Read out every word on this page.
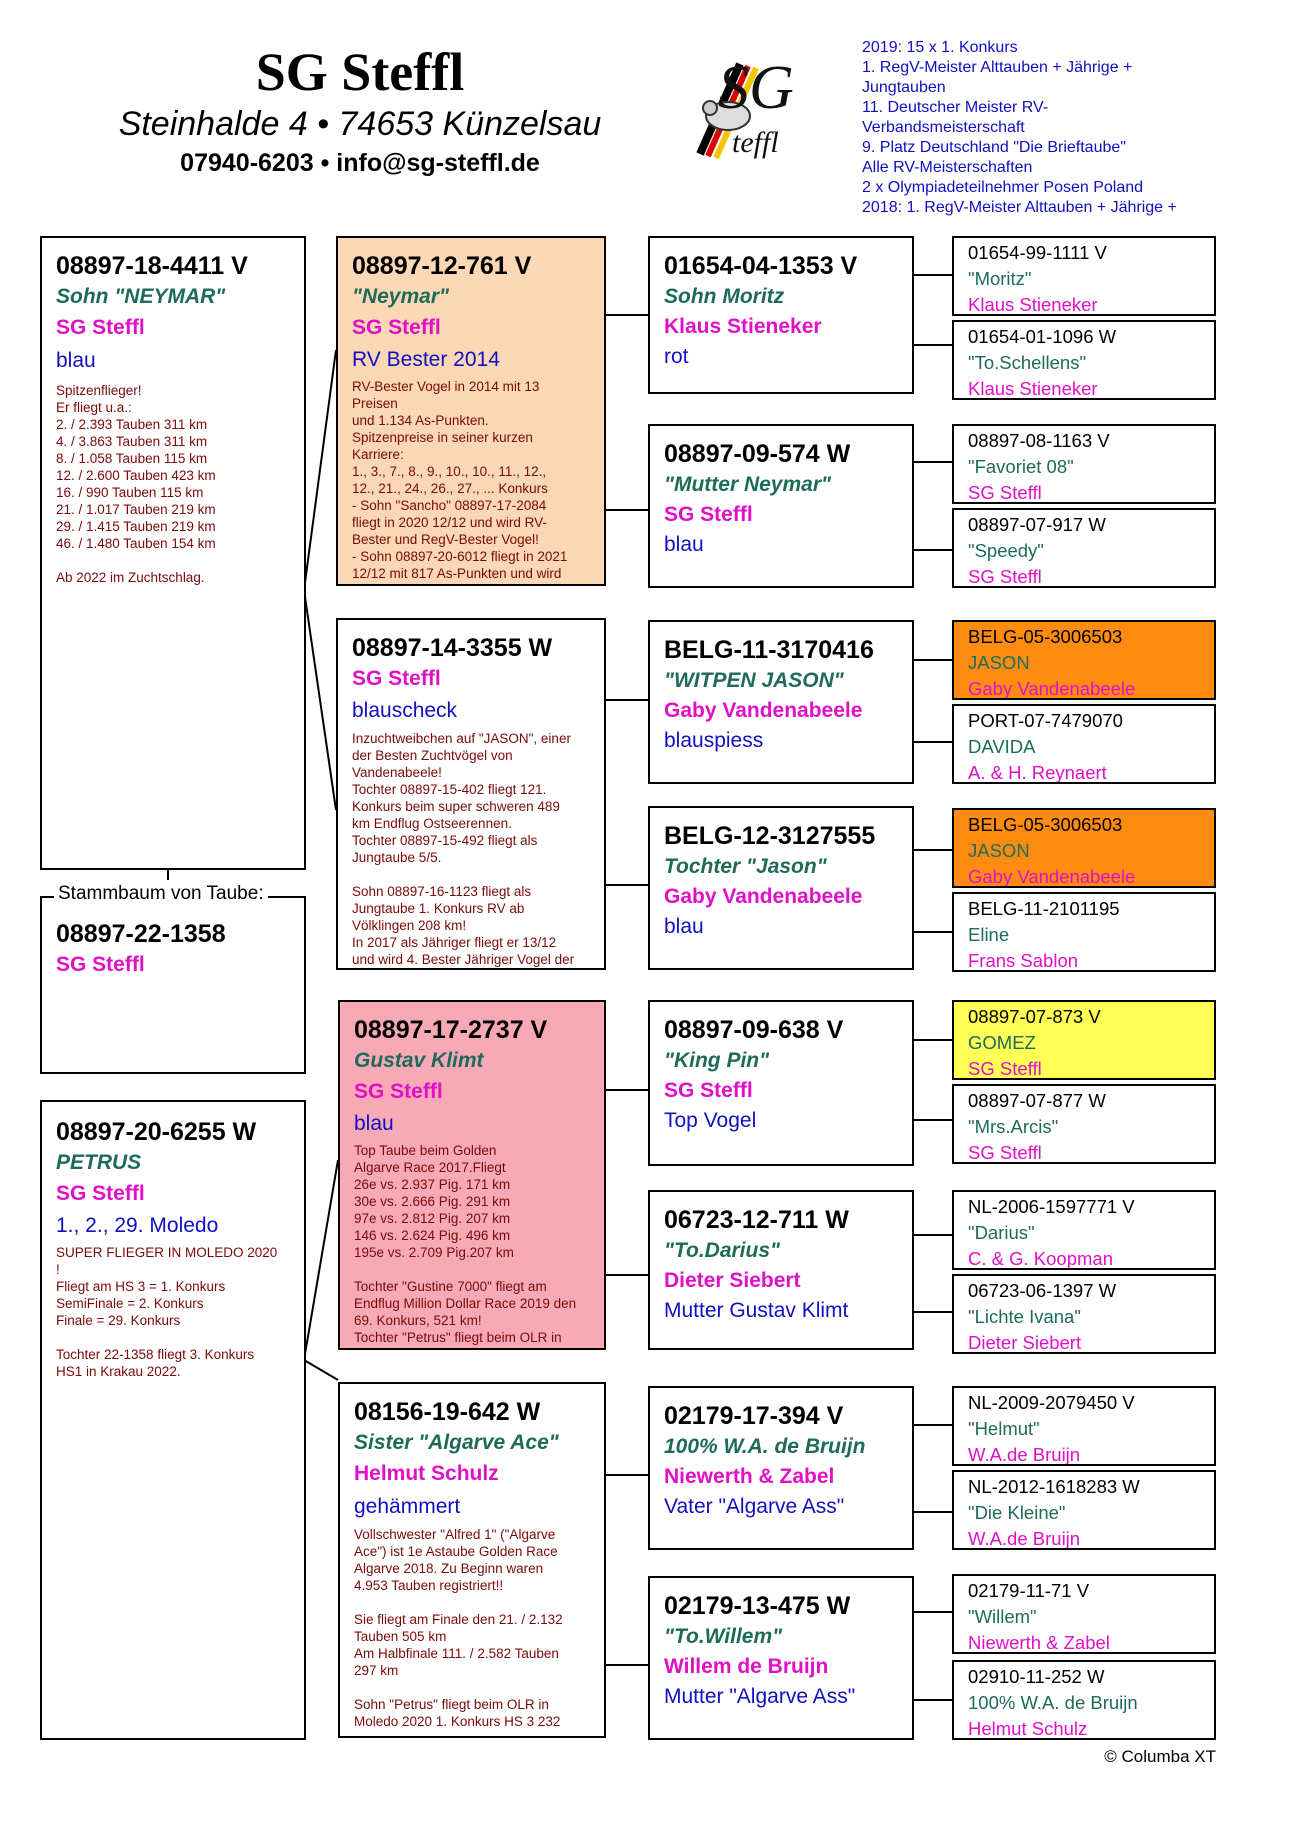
SG Steffl
Steinhalde 4 • 74653 Künzelsau
07940-6203 • info@sg-steffl.de
SG
teffl
2019: 15 x 1. Konkurs
1. RegV-Meister Alttauben + Jährige +
Jungtauben
11. Deutscher Meister RV-
Verbandsmeisterschaft
9. Platz Deutschland "Die Brieftaube"
Alle RV-Meisterschaften
2 x Olympiadeteilnehmer Posen Poland
2018: 1. RegV-Meister Alttauben + Jährige +
08897-18-4411 V
Sohn "NEYMAR"
SG Steffl
blau
Spitzenflieger!
Er fliegt u.a.:
2. / 2.393 Tauben 311 km
4. / 3.863 Tauben 311 km
8. / 1.058 Tauben 115 km
12. / 2.600 Tauben 423 km
16. / 990 Tauben 115 km
21. / 1.017 Tauben 219 km
29. / 1.415 Tauben 219 km
46. / 1.480 Tauben 154 km

Ab 2022 im Zuchtschlag.
08897-22-1358
SG Steffl
Stammbaum von Taube:
08897-20-6255 W
PETRUS
SG Steffl
1., 2., 29. Moledo
SUPER FLIEGER IN MOLEDO 2020
!
Fliegt am HS 3 = 1. Konkurs
SemiFinale = 2. Konkurs
Finale = 29. Konkurs

Tochter 22-1358 fliegt 3. Konkurs
HS1 in Krakau 2022.
08897-12-761 V
"Neymar"
SG Steffl
RV Bester 2014
RV-Bester Vogel in 2014 mit 13
Preisen
und 1.134 As-Punkten.
Spitzenpreise in seiner kurzen
Karriere:
1., 3., 7., 8., 9., 10., 10., 11., 12.,
12., 21., 24., 26., 27., ... Konkurs
- Sohn "Sancho" 08897-17-2084
fliegt in 2020 12/12 und wird RV-
Bester und RegV-Bester Vogel!
- Sohn 08897-20-6012 fliegt in 2021
12/12 mit 817 As-Punkten und wird
08897-14-3355 W
SG Steffl
blauscheck
Inzuchtweibchen auf "JASON", einer
der Besten Zuchtvögel von
Vandenabeele!
Tochter 08897-15-402 fliegt 121.
Konkurs beim super schweren 489
km Endflug Ostseerennen.
Tochter 08897-15-492 fliegt als
Jungtaube 5/5.

Sohn 08897-16-1123 fliegt als
Jungtaube 1. Konkurs RV ab
Völklingen 208 km!
In 2017 als Jähriger fliegt er 13/12
und wird 4. Bester Jähriger Vogel der
08897-17-2737 V
Gustav Klimt
SG Steffl
blau
Top Taube beim Golden
Algarve Race 2017.Fliegt
26e vs. 2.937 Pig. 171 km
30e vs. 2.666 Pig. 291 km
97e vs. 2.812 Pig. 207 km
146 vs. 2.624 Pig. 496 km
195e vs. 2.709 Pig.207 km

Tochter "Gustine 7000" fliegt am
Endflug Million Dollar Race 2019 den
69. Konkurs, 521 km!
Tochter "Petrus" fliegt beim OLR in
08156-19-642 W
Sister "Algarve Ace"
Helmut Schulz
gehämmert
Vollschwester "Alfred 1" ("Algarve
Ace") ist 1e Astaube Golden Race
Algarve 2018. Zu Beginn waren
4.953 Tauben registriert!!

Sie fliegt am Finale den 21. / 2.132
Tauben 505 km
Am Halbfinale 111. / 2.582 Tauben
297 km

Sohn "Petrus" fliegt beim OLR in
Moledo 2020 1. Konkurs HS 3 232
01654-04-1353 V
Sohn Moritz
Klaus Stieneker
rot
08897-09-574 W
"Mutter Neymar"
SG Steffl
blau
BELG-11-3170416
"WITPEN JASON"
Gaby Vandenabeele
blauspiess
BELG-12-3127555
Tochter "Jason"
Gaby Vandenabeele
blau
08897-09-638 V
"King Pin"
SG Steffl
Top Vogel
06723-12-711 W
"To.Darius"
Dieter Siebert
Mutter Gustav Klimt
02179-17-394 V
100% W.A. de Bruijn
Niewerth & Zabel
Vater "Algarve Ass"
02179-13-475 W
"To.Willem"
Willem de Bruijn
Mutter "Algarve Ass"
01654-99-1111 V
"Moritz"
Klaus Stieneker
01654-01-1096 W
"To.Schellens"
Klaus Stieneker
08897-08-1163 V
"Favoriet 08"
SG Steffl
08897-07-917 W
"Speedy"
SG Steffl
BELG-05-3006503
JASON
Gaby Vandenabeele
PORT-07-7479070
DAVIDA
A. & H. Reynaert
BELG-05-3006503
JASON
Gaby Vandenabeele
BELG-11-2101195
Eline
Frans Sablon
08897-07-873 V
GOMEZ
SG Steffl
08897-07-877 W
"Mrs.Arcis"
SG Steffl
NL-2006-1597771 V
"Darius"
C. & G. Koopman
06723-06-1397 W
"Lichte Ivana"
Dieter Siebert
NL-2009-2079450 V
"Helmut"
W.A.de Bruijn
NL-2012-1618283 W
"Die Kleine"
W.A.de Bruijn
02179-11-71 V
"Willem"
Niewerth & Zabel
02910-11-252 W
100% W.A. de Bruijn
Helmut Schulz
© Columba XT
